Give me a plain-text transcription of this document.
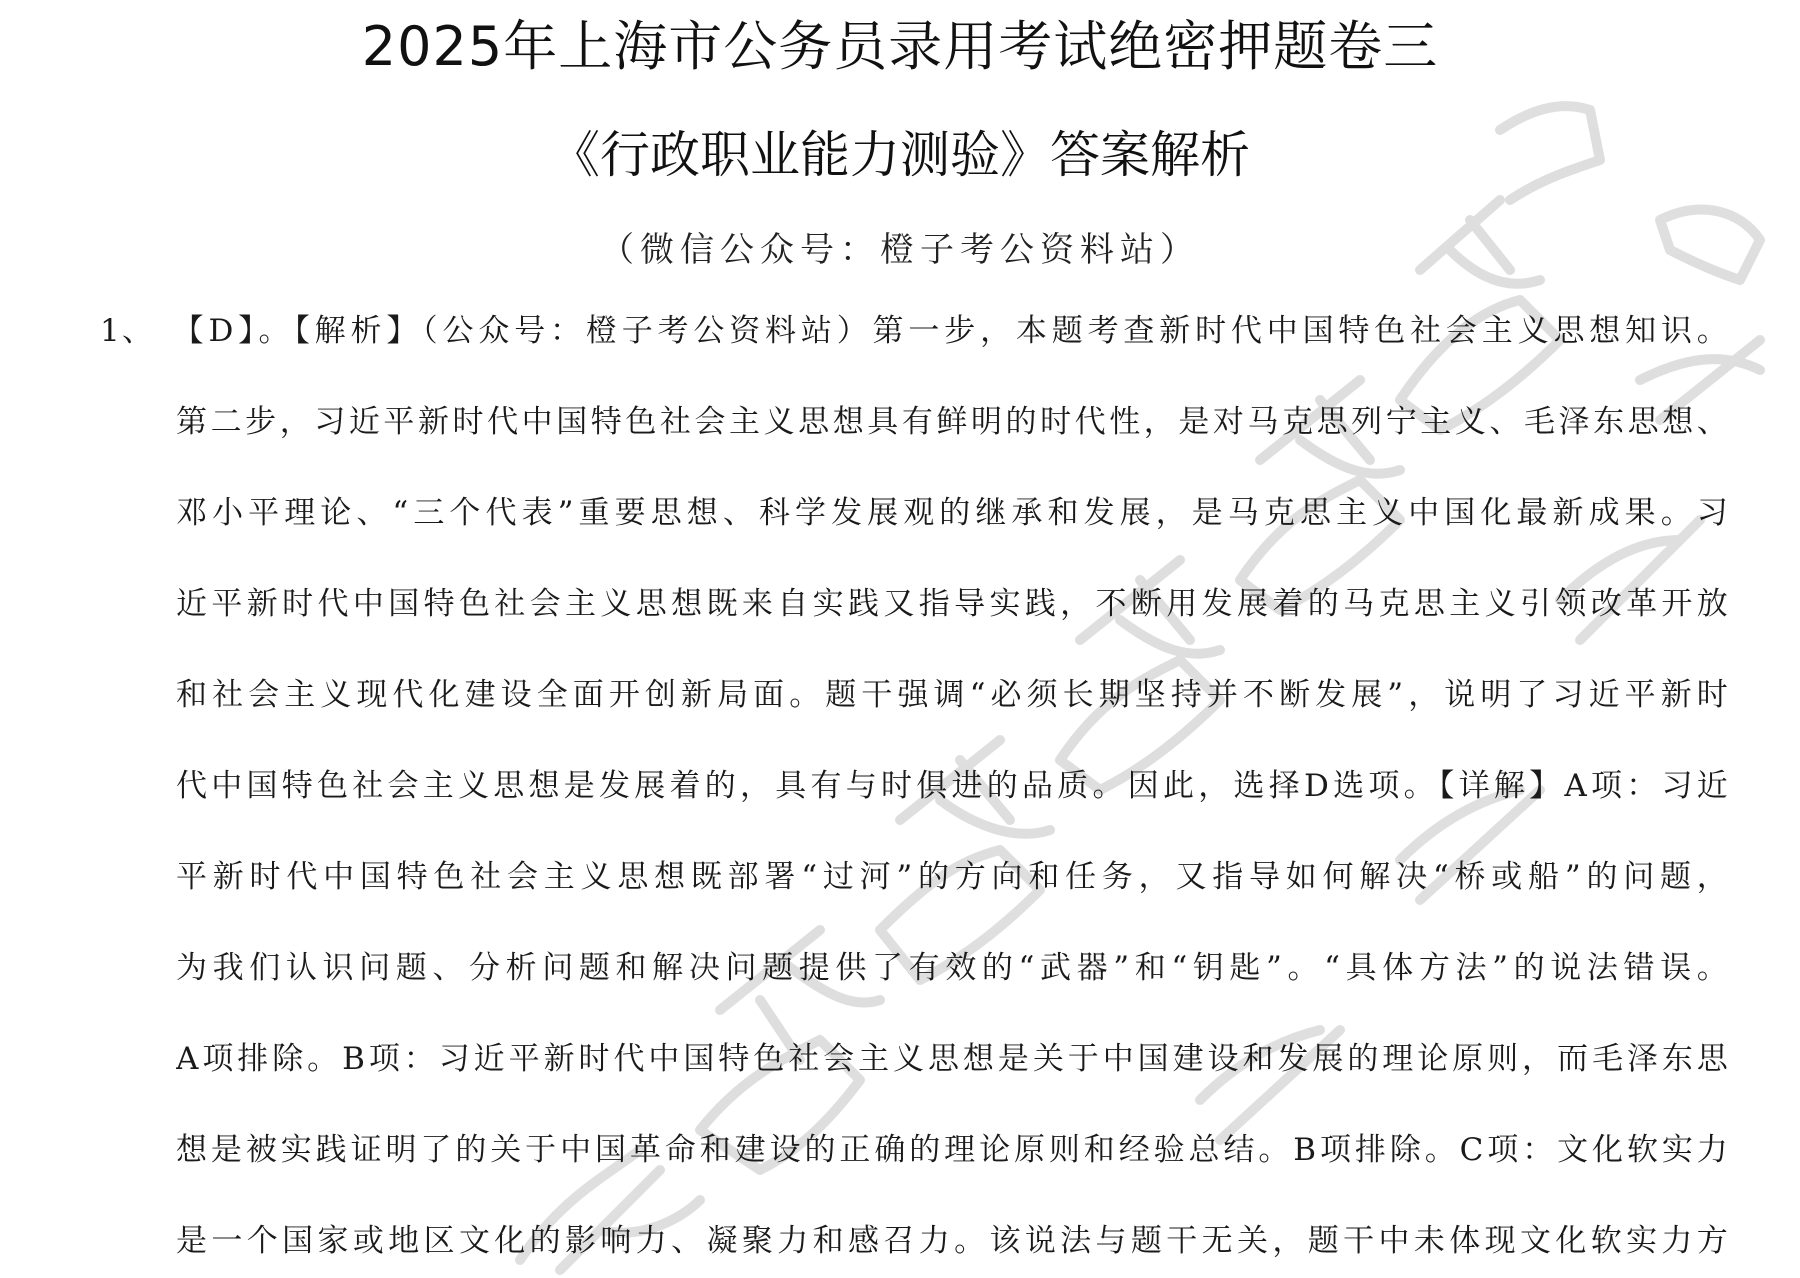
2025年上海市公务员录用考试绝密押题卷三
《行政职业能力测验》答案解析
（微信公众号：橙子考公资料站）
1、 【D】。【解析】（公众号：橙子考公资料站）第一步，本题考查新时代中国特色社会主义思想知识。
第二步，习近平新时代中国特色社会主义思想具有鲜明的时代性，是对马克思列宁主义、毛泽东思想、
邓小平理论、“三个代表”重要思想、科学发展观的继承和发展，是马克思主义中国化最新成果。习
近平新时代中国特色社会主义思想既来自实践又指导实践，不断用发展着的马克思主义引领改革开放
和社会主义现代化建设全面开创新局面。题干强调“必须长期坚持并不断发展”，说明了习近平新时
代中国特色社会主义思想是发展着的，具有与时俱进的品质。因此，选择D选项。【详解】A项：习近
平新时代中国特色社会主义思想既部署“过河”的方向和任务，又指导如何解决“桥或船”的问题，
为我们认识问题、分析问题和解决问题提供了有效的“武器”和“钥匙”。“具体方法”的说法错误。
A项排除。B项：习近平新时代中国特色社会主义思想是关于中国建设和发展的理论原则，而毛泽东思
想是被实践证明了的关于中国革命和建设的正确的理论原则和经验总结。B项排除。C项：文化软实力
是一个国家或地区文化的影响力、凝聚力和感召力。该说法与题干无关，题干中未体现文化软实力方
